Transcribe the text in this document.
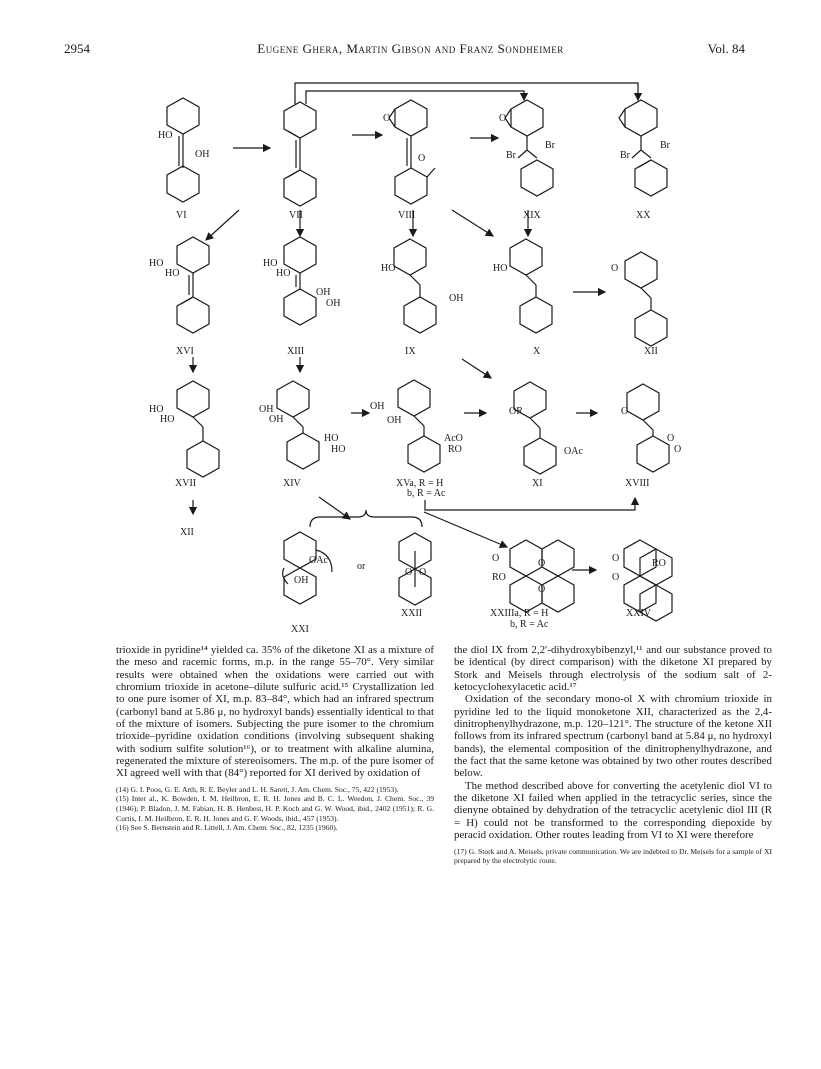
2954	Eugene Ghera, Martin Gibson and Franz Sondheimer	Vol. 84
HO
OH	O
O	O
Br
Br
Br
Br
HO
HO
HO
HO
OH
OH
HO
OH
HO	O
HO
HO
OH
OH
HO
HO
OH
OH
AcO
RO
OR
OAc
O
O
O
OH
OAc
O O
O
O
O
RO
RO
O
O
VI	VII	VIII	XIX	XX
XVI	XIII	IX	X	XII
XVII	XIV	XVa, R = H
b, R = Ac
XI	XVIII
XII
XXI
or
XXII	XXIIIa, R = H
b, R = Ac
XXIV

trioxide in pyridine¹⁴ yielded ca. 35% of the diketone XI as a mixture of the meso and racemic forms, m.p. in the range 55–70°. Very similar results were obtained when the oxidations were carried out with chromium trioxide in acetone–dilute sulfuric acid.¹⁵ Crystallization led to one pure isomer of XI, m.p. 83–84°, which had an infrared spectrum (carbonyl band at 5.86 μ, no hydroxyl bands) essentially identical to that of the mixture of isomers. Subjecting the pure isomer to the chromium trioxide–pyridine oxidation conditions (involving subsequent shaking with sodium sulfite solution¹⁶), or to treatment with alkaline alumina, regenerated the mixture of stereoisomers. The m.p. of the pure isomer of XI agreed well with that (84°) reported for XI derived by oxidation of

(14) G. I. Poos, G. E. Arth, R. E. Beyler and L. H. Sarett, J. Am. Chem. Soc., 75, 422 (1953).

(15) Inter al., K. Bowden, I. M. Heilbron, E. R. H. Jones and B. C. L. Weedon, J. Chem. Soc., 39 (1946); P. Bladon, J. M. Fabian, H. B. Henbest, H. P. Koch and G. W. Wood, ibid., 2402 (1951); R. G. Curtis, I. M. Heilbron, E. R. H. Jones and G. F. Woods, ibid., 457 (1953).

(16) See S. Bernstein and R. Littell, J. Am. Chem. Soc., 82, 1235 (1960).

the diol IX from 2,2′-dihydroxybibenzyl,¹¹ and our substance proved to be identical (by direct comparison) with the diketone XI prepared by Stork and Meisels through electrolysis of the sodium salt of 2-ketocyclohexylacetic acid.¹⁷

Oxidation of the secondary mono-ol X with chromium trioxide in pyridine led to the liquid monoketone XII, characterized as the 2,4-dinitrophenylhydrazone, m.p. 120–121°. The structure of the ketone XII follows from its infrared spectrum (carbonyl band at 5.84 μ, no hydroxyl bands), the elemental composition of the dinitrophenylhydrazone, and the fact that the same ketone was obtained by two other routes described below.

The method described above for converting the acetylenic diol VI to the diketone XI failed when applied in the tetracyclic series, since the dienyne obtained by dehydration of the tetracyclic acetylenic diol III (R = H) could not be transformed to the corresponding diepoxide by peracid oxidation. Other routes leading from VI to XI were therefore

(17) G. Stork and A. Meisels, private communication. We are indebted to Dr. Meisels for a sample of XI prepared by the electrolytic route.
